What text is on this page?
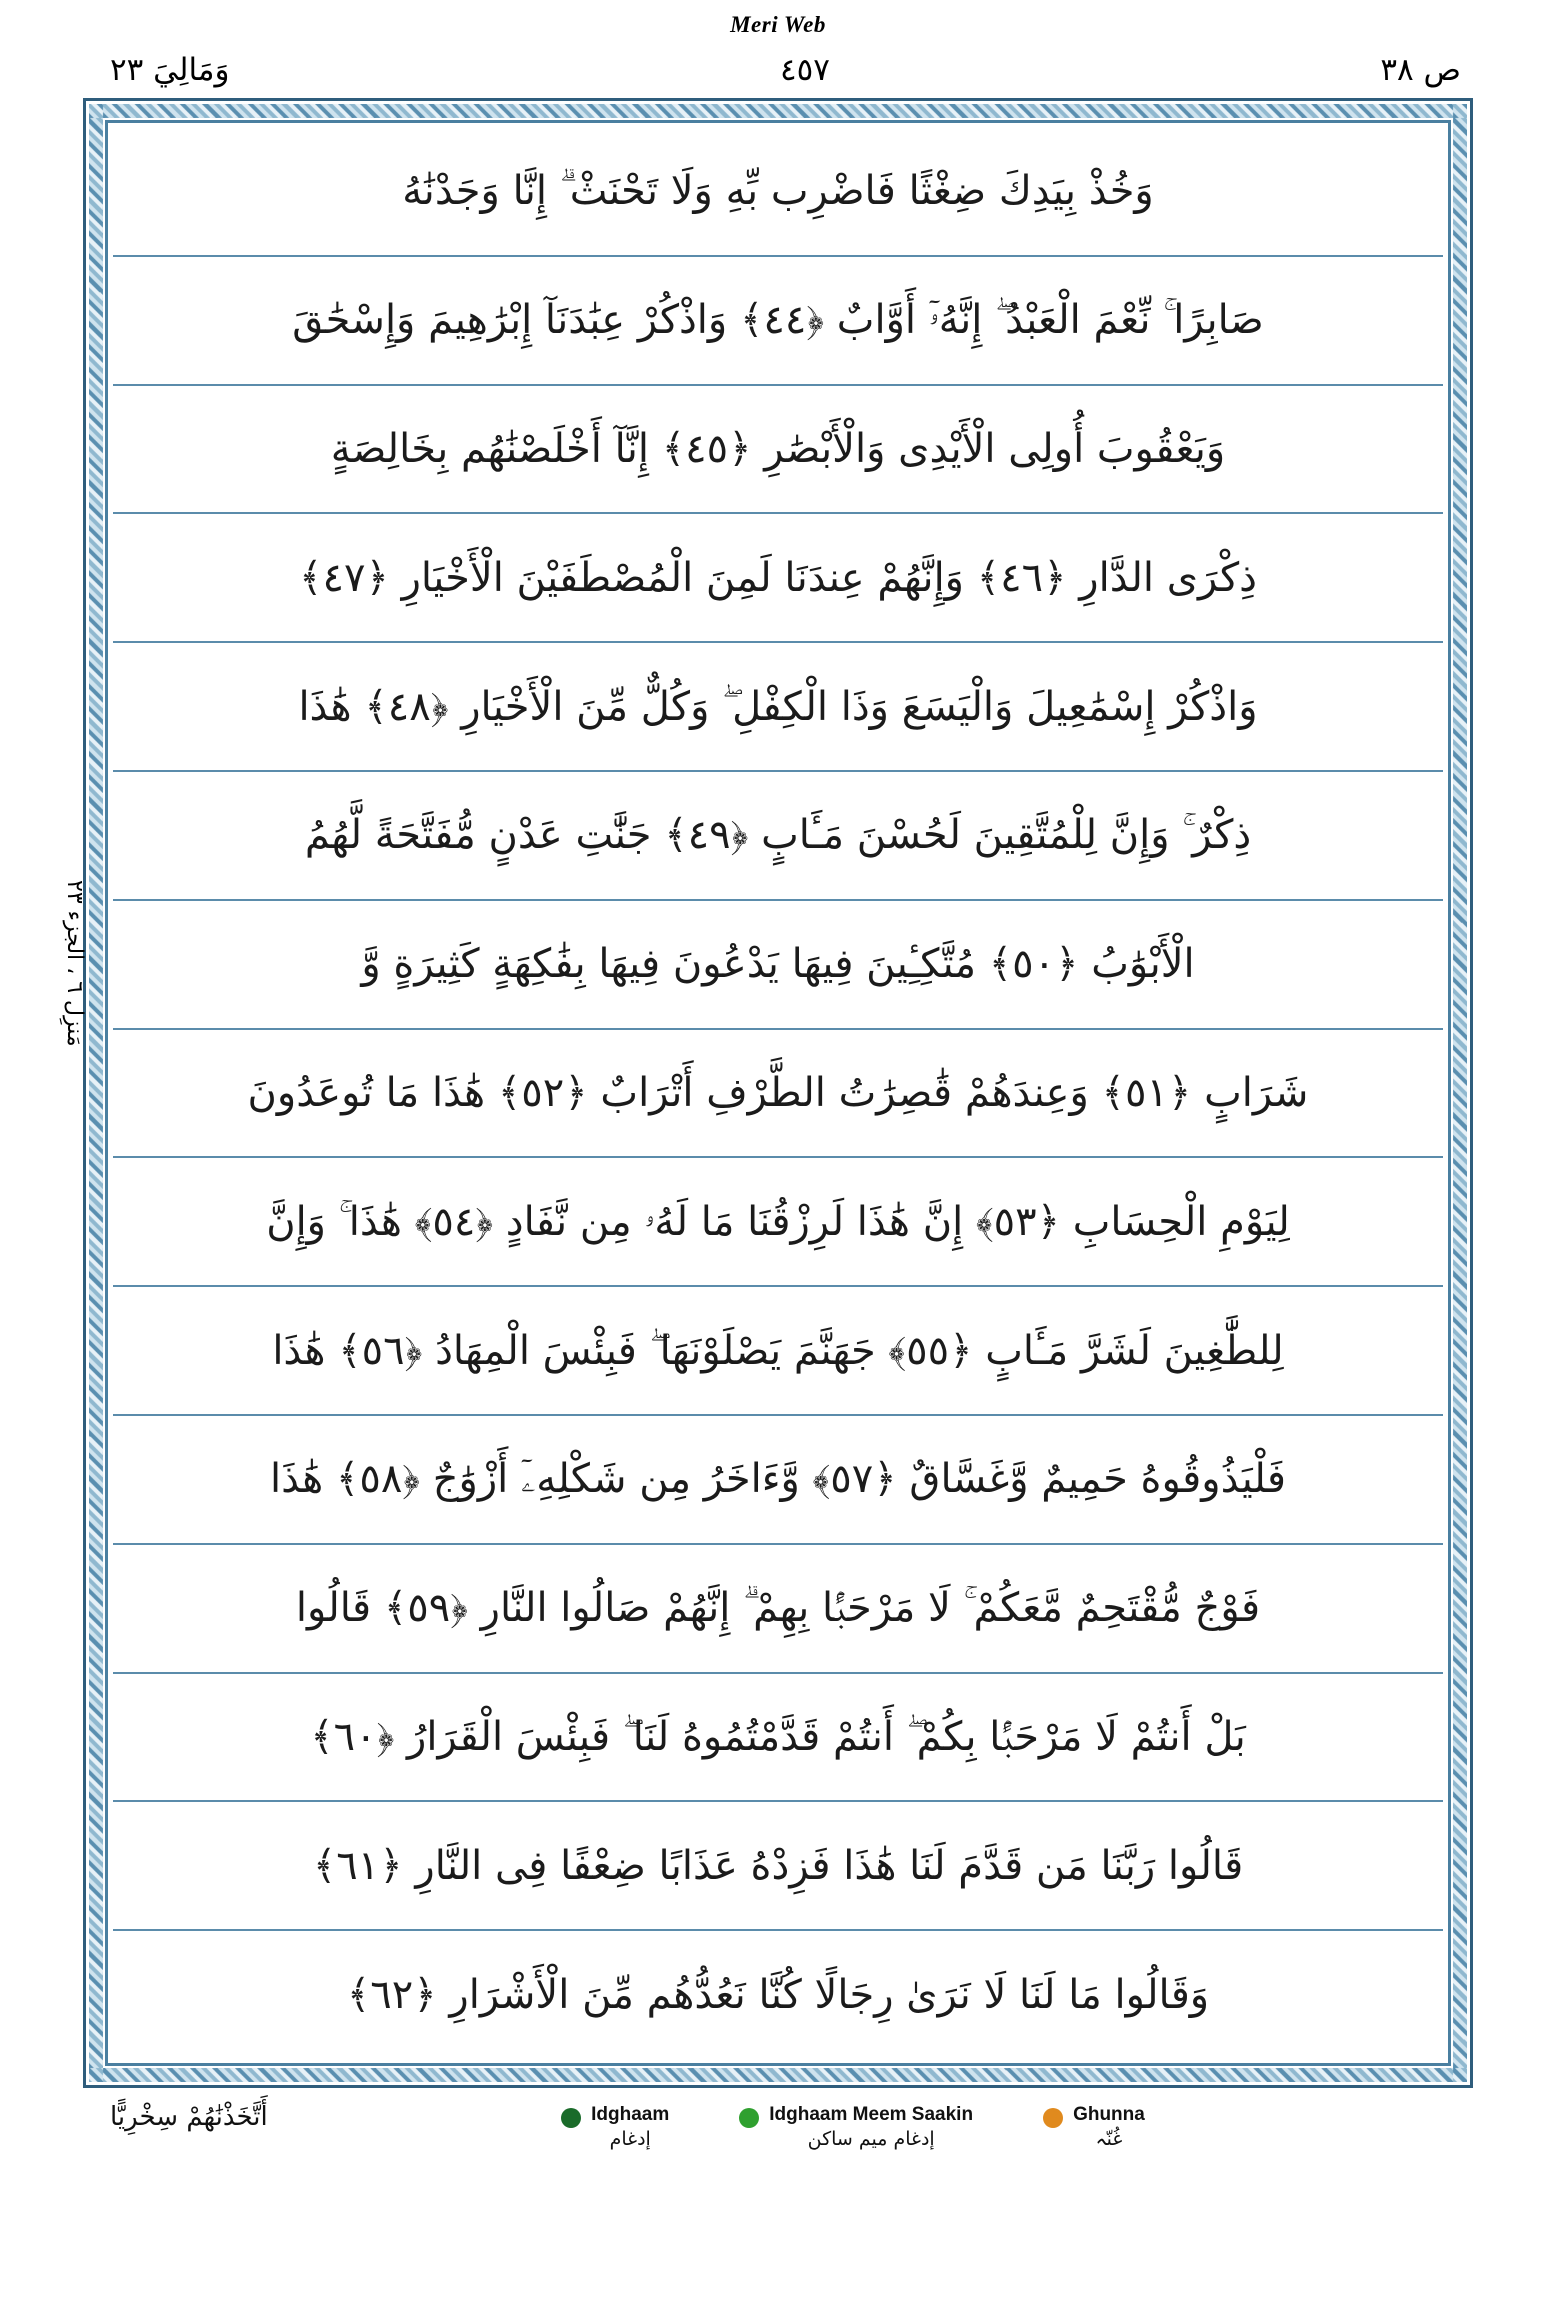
Meri Web
ص ٣٨
٤٥٧
وَمَالِيَ ٢٣
وَخُذْ بِيَدِكَ ضِغْثًا فَاضْرِب بِّهِ وَلَا تَحْنَثْ ۗ إِنَّا وَجَدْنَٰهُ
صَابِرًا ۚ نِّعْمَ الْعَبْدُ ۖ إِنَّهُۥٓ أَوَّابٌ ﴿٤٤﴾ وَاذْكُرْ عِبَٰدَنَآ إِبْرَٰهِيمَ وَإِسْحَٰقَ
وَيَعْقُوبَ أُولِى الْأَيْدِى وَالْأَبْصَٰرِ ﴿٤٥﴾ إِنَّآ أَخْلَصْنَٰهُم بِخَالِصَةٍ
ذِكْرَى الدَّارِ ﴿٤٦﴾ وَإِنَّهُمْ عِندَنَا لَمِنَ الْمُصْطَفَيْنَ الْأَخْيَارِ ﴿٤٧﴾
وَاذْكُرْ إِسْمَٰعِيلَ وَالْيَسَعَ وَذَا الْكِفْلِ ۖ وَكُلٌّ مِّنَ الْأَخْيَارِ ﴿٤٨﴾ هَٰذَا
ذِكْرٌ ۚ وَإِنَّ لِلْمُتَّقِينَ لَحُسْنَ مَـَٔابٍ ﴿٤٩﴾ جَنَّٰتِ عَدْنٍ مُّفَتَّحَةً لَّهُمُ
الْأَبْوَٰبُ ﴿٥٠﴾ مُتَّكِـِٔينَ فِيهَا يَدْعُونَ فِيهَا بِفَٰكِهَةٍ كَثِيرَةٍ وَّ
شَرَابٍ ﴿٥١﴾ وَعِندَهُمْ قَٰصِرَٰتُ الطَّرْفِ أَتْرَابٌ ﴿٥٢﴾ هَٰذَا مَا تُوعَدُونَ
لِيَوْمِ الْحِسَابِ ﴿٥٣﴾ إِنَّ هَٰذَا لَرِزْقُنَا مَا لَهُۥ مِن نَّفَادٍ ﴿٥٤﴾ هَٰذَا ۚ وَإِنَّ
لِلطَّٰغِينَ لَشَرَّ مَـَٔابٍ ﴿٥٥﴾ جَهَنَّمَ يَصْلَوْنَهَا ۖ فَبِئْسَ الْمِهَادُ ﴿٥٦﴾ هَٰذَا
فَلْيَذُوقُوهُ حَمِيمٌ وَّغَسَّاقٌ ﴿٥٧﴾ وَّءَاخَرُ مِن شَكْلِهِۦٓ أَزْوَٰجٌ ﴿٥٨﴾ هَٰذَا
فَوْجٌ مُّقْتَحِمٌ مَّعَكُمْ ۚ لَا مَرْحَبًۢا بِهِمْ ۗ إِنَّهُمْ صَالُوا النَّارِ ﴿٥٩﴾ قَالُوا
بَلْ أَنتُمْ لَا مَرْحَبًۢا بِكُمْ ۖ أَنتُمْ قَدَّمْتُمُوهُ لَنَا ۖ فَبِئْسَ الْقَرَارُ ﴿٦٠﴾
قَالُوا رَبَّنَا مَن قَدَّمَ لَنَا هَٰذَا فَزِدْهُ عَذَابًا ضِعْفًا فِى النَّارِ ﴿٦١﴾
وَقَالُوا مَا لَنَا لَا نَرَىٰ رِجَالًا كُنَّا نَعُدُّهُم مِّنَ الْأَشْرَارِ ﴿٦٢﴾
مَنزِل ٦ ، الجزء ٢٣
أَتَّخَذْنَٰهُمْ سِخْرِيًّا	Idghaam
إدغام
Idghaam Meem Saakin
إدغام میم ساکن
Ghunna
غُنّہ
